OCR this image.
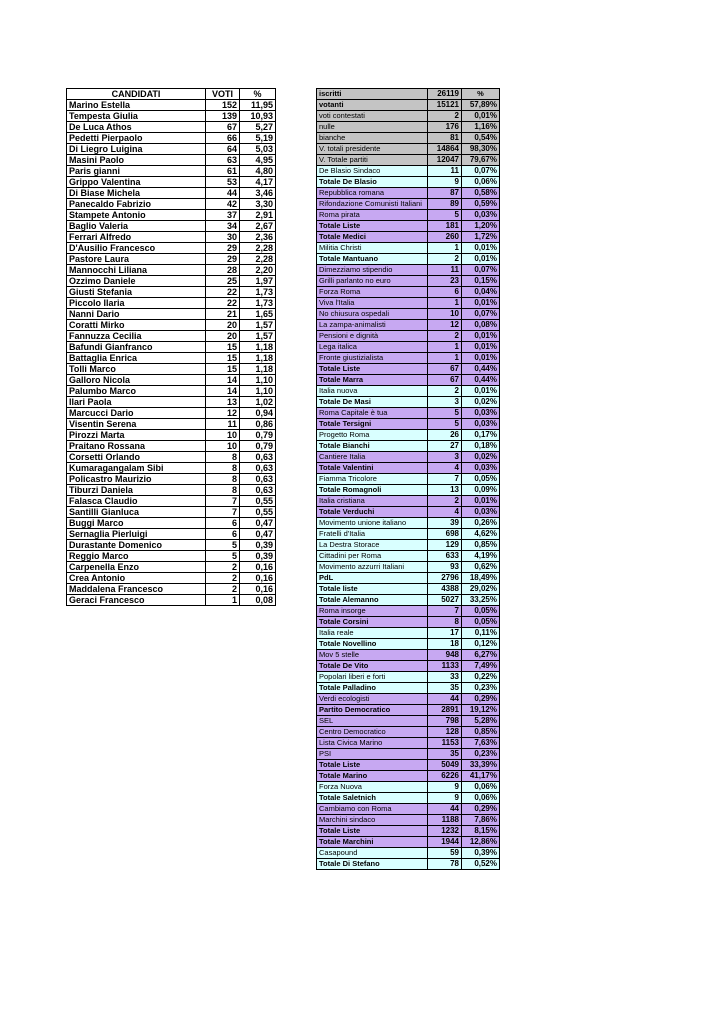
CANDIDATI	VOTI	%
Marino Estella	152	11,95
Tempesta Giulia	139	10,93
De Luca Athos	67	5,27
Pedetti Pierpaolo	66	5,19
Di Liegro Luigina	64	5,03
Masini Paolo	63	4,95
Paris gianni	61	4,80
Grippo Valentina	53	4,17
Di Biase Michela	44	3,46
Panecaldo Fabrizio	42	3,30
Stampete Antonio	37	2,91
Baglio Valeria	34	2,67
Ferrari Alfredo	30	2,36
D'Ausilio Francesco	29	2,28
Pastore Laura	29	2,28
Mannocchi Liliana	28	2,20
Ozzimo Daniele	25	1,97
Giusti Stefania	22	1,73
Piccolo Ilaria	22	1,73
Nanni Dario	21	1,65
Coratti Mirko	20	1,57
Fannuzza Cecilia	20	1,57
Bafundi Gianfranco	15	1,18
Battaglia Enrica	15	1,18
Tolli Marco	15	1,18
Galloro Nicola	14	1,10
Palumbo Marco	14	1,10
Ilari Paola	13	1,02
Marcucci Dario	12	0,94
Visentin Serena	11	0,86
Pirozzi Marta	10	0,79
Praitano Rossana	10	0,79
Corsetti Orlando	8	0,63
Kumaragangalam Sibi	8	0,63
Policastro Maurizio	8	0,63
Tiburzi Daniela	8	0,63
Falasca Claudio	7	0,55
Santilli Gianluca	7	0,55
Buggi Marco	6	0,47
Sernaglia Pierluigi	6	0,47
Durastante Domenico	5	0,39
Reggio Marco	5	0,39
Carpenella Enzo	2	0,16
Crea Antonio	2	0,16
Maddalena Francesco	2	0,16
Geraci Francesco	1	0,08
iscritti	26119	%
votanti	15121	57,89%
voti contestati	2	0,01%
nulle	176	1,16%
bianche	81	0,54%
V. totali presidente	14864	98,30%
V. Totale partiti	12047	79,67%
De Blasio Sindaco	11	0,07%
Totale De Blasio	9	0,06%
Repubblica romana	87	0,58%
Rifondazione Comunisti Italiani	89	0,59%
Roma pirata	5	0,03%
Totale Liste	181	1,20%
Totale Medici	260	1,72%
Militia Christi	1	0,01%
Totale Mantuano	2	0,01%
Dimezziamo stipendio	11	0,07%
Grilli parlanto no euro	23	0,15%
Forza Roma	6	0,04%
Viva l'Italia	1	0,01%
No chiusura ospedali	10	0,07%
La zampa-animalisti	12	0,08%
Pensioni e dignità	2	0,01%
Lega italica	1	0,01%
Fronte giustizialista	1	0,01%
Totale Liste	67	0,44%
Totale Marra	67	0,44%
Italia nuova	2	0,01%
Totale De Masi	3	0,02%
Roma Capitale è tua	5	0,03%
Totale Tersigni	5	0,03%
Progetto Roma	26	0,17%
Totale Bianchi	27	0,18%
Cantiere Italia	3	0,02%
Totale Valentini	4	0,03%
Fiamma Tricolore	7	0,05%
Totale Romagnoli	13	0,09%
Italia cristiana	2	0,01%
Totale Verduchi	4	0,03%
Movimento unione italiano	39	0,26%
Fratelli d'Italia	698	4,62%
La Destra Storace	129	0,85%
Cittadini per Roma	633	4,19%
Movimento azzurri Italiani	93	0,62%
PdL	2796	18,49%
Totale liste	4388	29,02%
Totale Alemanno	5027	33,25%
Roma insorge	7	0,05%
Totale Corsini	8	0,05%
Italia reale	17	0,11%
Totale Novellino	18	0,12%
Mov 5 stelle	948	6,27%
Totale De Vito	1133	7,49%
Popolari liberi e forti	33	0,22%
Totale Palladino	35	0,23%
Verdi ecologisti	44	0,29%
Partito Democratico	2891	19,12%
SEL	798	5,28%
Centro Democratico	128	0,85%
Lista Civica Marino	1153	7,63%
PSI	35	0,23%
Totale Liste	5049	33,39%
Totale Marino	6226	41,17%
Forza Nuova	9	0,06%
Totale Saletnich	9	0,06%
Cambiamo con Roma	44	0,29%
Marchini sindaco	1188	7,86%
Totale Liste	1232	8,15%
Totale Marchini	1944	12,86%
Casapound	59	0,39%
Totale Di Stefano	78	0,52%
